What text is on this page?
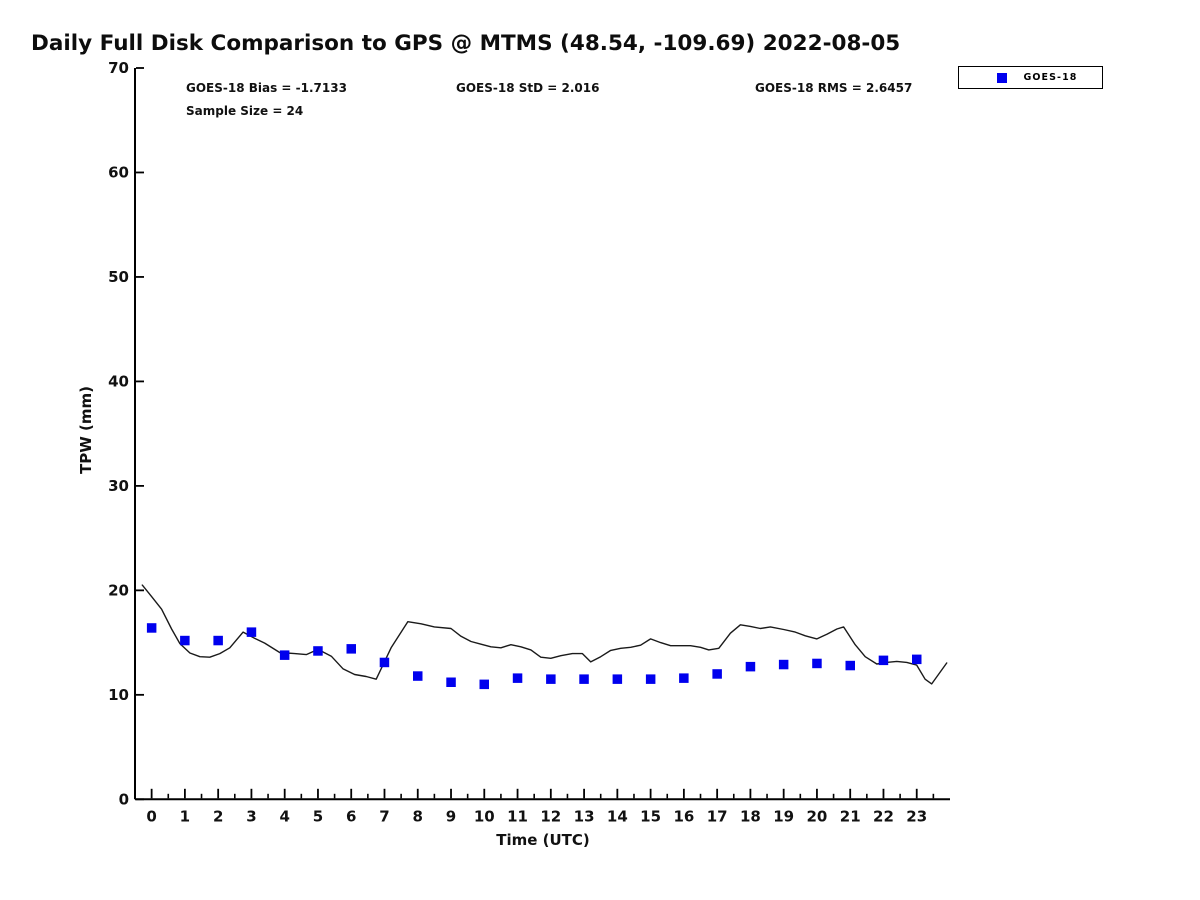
0
10
20
30
40
50
60
70
0 1 2 3 4 5 6 7 8 9 10 11 12 13 14 15 16 17 18 19 20 21 22 23
Daily Full Disk Comparison to GPS @ MTMS (48.54, -109.69) 2022-08-05
GOES-18 Bias = -1.7133	GOES-18 StD = 2.016	GOES-18 RMS = 2.6457
Sample Size = 24
TPW (mm)
Time (UTC)
GOES-18
